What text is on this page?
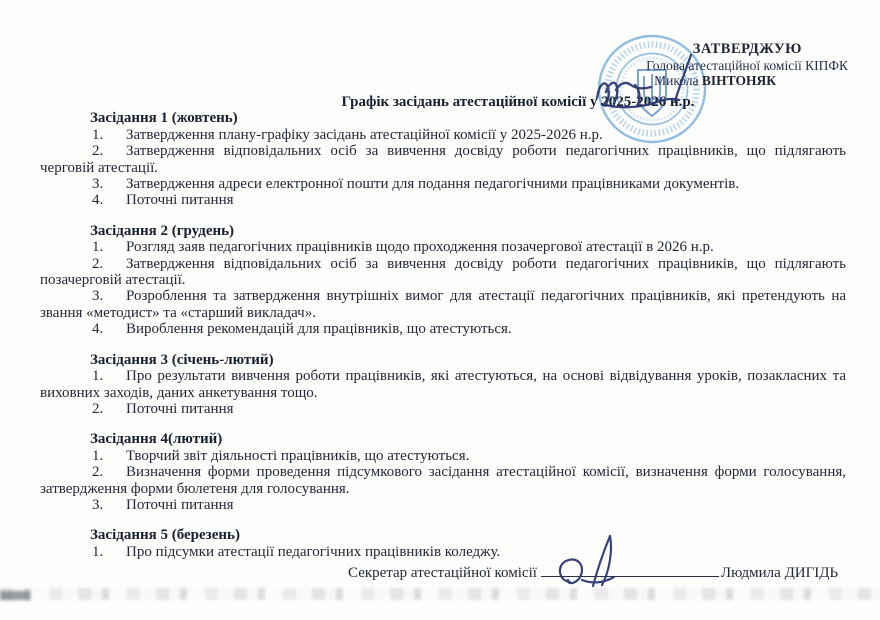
ЗАТВЕРДЖУЮ
Голова атестаційної комісії КІПФК
Микола ВІНТОНЯК

Графік засідань атестаційної комісії у 2025-2026 н.р.

Засідання 1 (жовтень)

1. Затвердження плану-графіку засідань атестаційної комісії у 2025-2026 н.р.

2. Затвердження відповідальних осіб за вивчення досвіду роботи педагогічних працівників, що підлягають черговій атестації.

3. Затвердження адреси електронної пошти для подання педагогічними працівниками документів.

4. Поточні питання

Засідання 2 (грудень)

1. Розгляд заяв педагогічних працівників щодо проходження позачергової атестації в 2026 н.р.

2. Затвердження відповідальних осіб за вивчення досвіду роботи педагогічних працівників, що підлягають позачерговій атестації.

3. Розроблення та затвердження внутрішніх вимог для атестації педагогічних працівників, які претендують на звання «методист» та «старший викладач».

4. Вироблення рекомендацій для працівників, що атестуються.

Засідання 3 (січень-лютий)

1. Про результати вивчення роботи працівників, які атестуються, на основі відвідування уроків, позакласних та виховних заходів, даних анкетування тощо.

2. Поточні питання

Засідання 4(лютий)

1. Творчий звіт діяльності працівників, що атестуються.

2. Визначення форми проведення підсумкового засідання атестаційної комісії, визначення форми голосування, затвердження форми бюлетеня для голосування.

3. Поточні питання

Засідання 5 (березень)

1. Про підсумки атестації педагогічних працівників коледжу.

Секретар атестаційної комісії	Людмила ДИГІДЬ
